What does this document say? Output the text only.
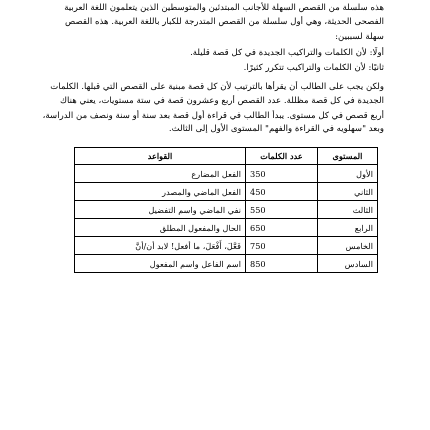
هذه سلسلة من القصص السهلة للأجانب المبتدئين والمتوسطين الذين يتعلمون اللغة العربية
الفصحى الحديثة، وهي أول سلسلة من القصص المتدرجة للكبار باللغة العربية. هذه القصص
سهلة لسببين:
أولًا: لأن الكلمات والتراكيب الجديدة في كل قصة قليلة.
ثانيًا: لأن الكلمات والتراكيب تتكرر كثيرًا.
ولكن يجب على الطالب أن يقرأها بالترتيب لأن كل قصة مبنية على القصص التي قبلها. الكلمات
الجديدة في كل قصة مظللة. عدد القصص أربع وعشرون قصة في ستة مستويات، يعني هناك
أربع قصص في كل مستوى. يبدأ الطالب في قراءة أول قصة بعد سنة أو سنة ونصف من الدراسة،
وبعد "سهلويه في القراءة والفهم" المستوى الأول إلى الثالث.
المستوى	عدد الكلمات	القواعد
الأول	350	الفعل المضارع
الثاني	450	الفعل الماضي والمصدر
الثالث	550	نفي الماضي واسم التفضيل
الرابع	650	الحال والمفعول المطلق
الخامس	750	فَعَّلَ، أَفْعَلَ، ما أفعل! لابد أن/أنَّ
السادس	850	اسم الفاعل واسم المفعول
